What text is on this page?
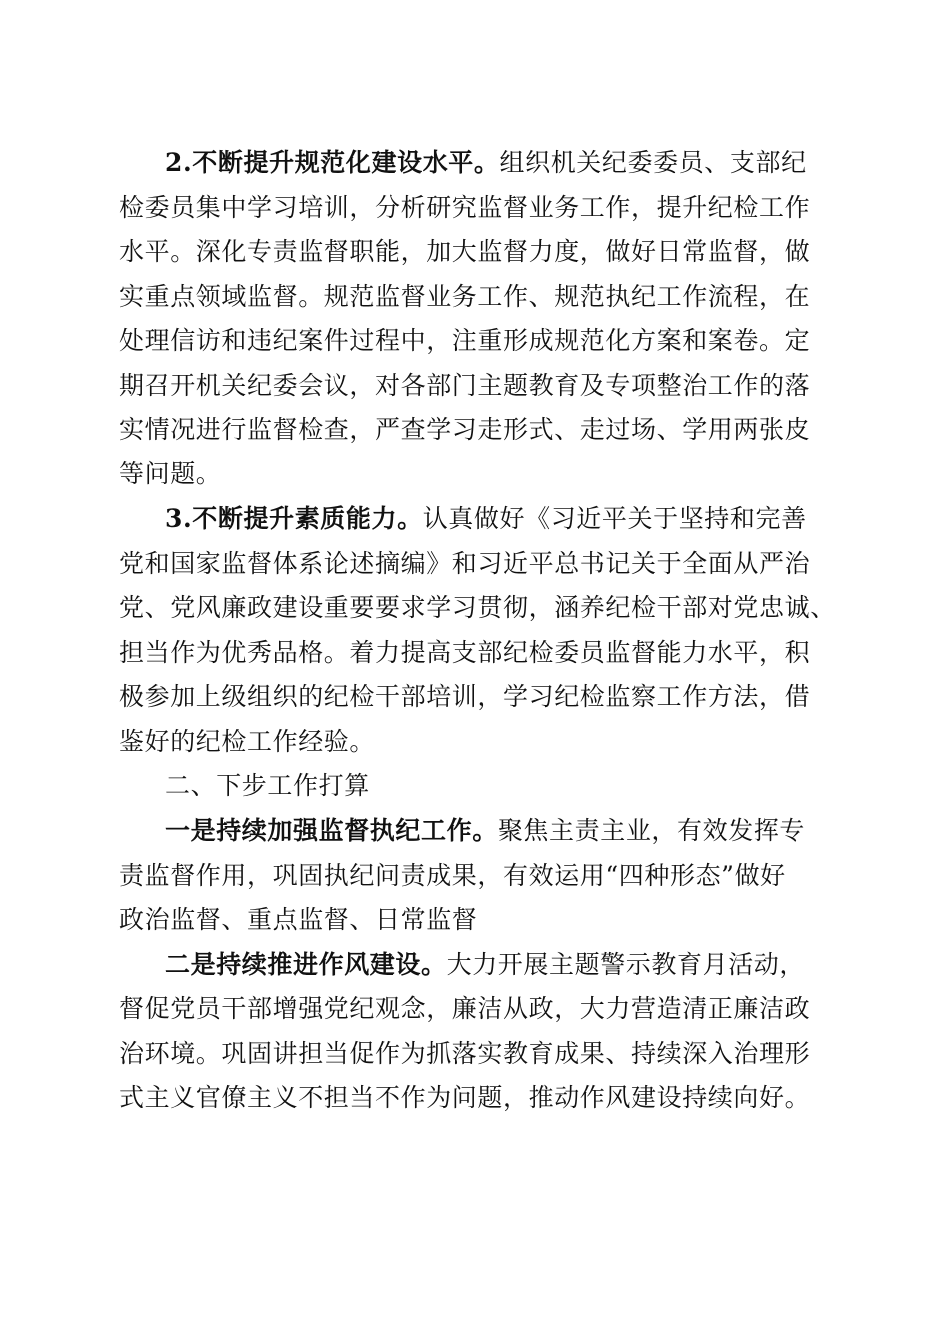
2.不断提升规范化建设水平。组织机关纪委委员、支部纪
检委员集中学习培训，分析研究监督业务工作，提升纪检工作
水平。深化专责监督职能，加大监督力度，做好日常监督，做
实重点领域监督。规范监督业务工作、规范执纪工作流程，在
处理信访和违纪案件过程中，注重形成规范化方案和案卷。定
期召开机关纪委会议，对各部门主题教育及专项整治工作的落
实情况进行监督检查，严查学习走形式、走过场、学用两张皮
等问题。
3.不断提升素质能力。认真做好《习近平关于坚持和完善
党和国家监督体系论述摘编》和习近平总书记关于全面从严治
党、党风廉政建设重要要求学习贯彻，涵养纪检干部对党忠诚、
担当作为优秀品格。着力提高支部纪检委员监督能力水平，积
极参加上级组织的纪检干部培训，学习纪检监察工作方法，借
鉴好的纪检工作经验。
二、下步工作打算
一是持续加强监督执纪工作。聚焦主责主业，有效发挥专
责监督作用，巩固执纪问责成果，有效运用“四种形态”做好
政治监督、重点监督、日常监督
二是持续推进作风建设。大力开展主题警示教育月活动，
督促党员干部增强党纪观念，廉洁从政，大力营造清正廉洁政
治环境。巩固讲担当促作为抓落实教育成果、持续深入治理形
式主义官僚主义不担当不作为问题，推动作风建设持续向好。
